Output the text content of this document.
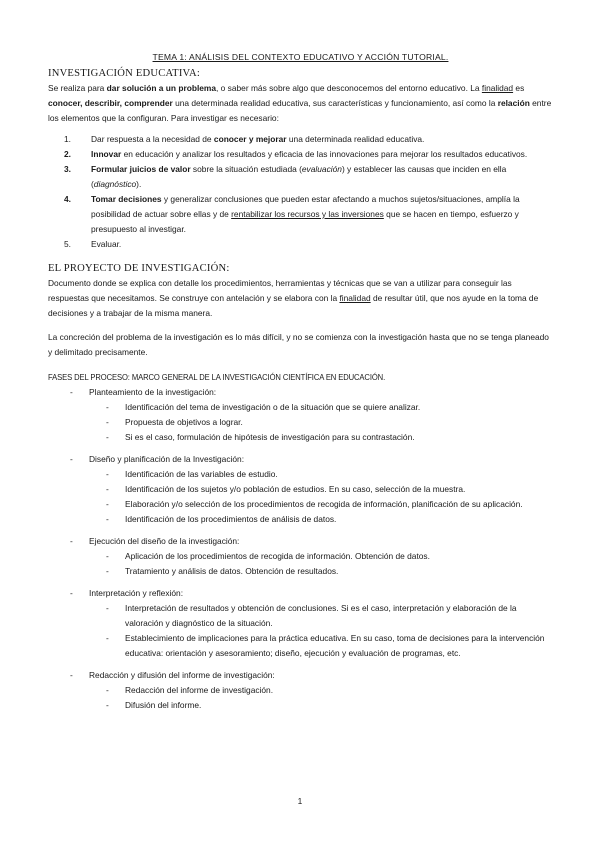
TEMA 1: ANÁLISIS DEL CONTEXTO EDUCATIVO Y ACCIÓN TUTORIAL.
INVESTIGACIÓN EDUCATIVA:

Se realiza para dar solución a un problema, o saber más sobre algo que desconocemos del entorno educativo. La finalidad es conocer, describir, comprender una determinada realidad educativa, sus características y funcionamiento, así como la relación entre los elementos que la configuran. Para investigar es necesario:

1. Dar respuesta a la necesidad de conocer y mejorar una determinada realidad educativa.
2. Innovar en educación y analizar los resultados y eficacia de las innovaciones para mejorar los resultados educativos.
3. Formular juicios de valor sobre la situación estudiada (evaluación) y establecer las causas que inciden en ella (diagnóstico).
4. Tomar decisiones y generalizar conclusiones que pueden estar afectando a muchos sujetos/situaciones, amplía la posibilidad de actuar sobre ellas y de rentabilizar los recursos y las inversiones que se hacen en tiempo, esfuerzo y presupuesto al investigar.
5. Evaluar.
EL PROYECTO DE INVESTIGACIÓN:

Documento donde se explica con detalle los procedimientos, herramientas y técnicas que se van a utilizar para conseguir las respuestas que necesitamos. Se construye con antelación y se elabora con la finalidad de resultar útil, que nos ayude en la toma de decisiones y a trabajar de la misma manera.

La concreción del problema de la investigación es lo más difícil, y no se comienza con la investigación hasta que no se tenga planeado y delimitado precisamente.

FASES DEL PROCESO: MARCO GENERAL DE LA INVESTIGACIÓN CIENTÍFICA EN EDUCACIÓN.
- Planteamiento de la investigación:
- Identificación del tema de investigación o de la situación que se quiere analizar.
- Propuesta de objetivos a lograr.
- Si es el caso, formulación de hipótesis de investigación para su contrastación.
- Diseño y planificación de la Investigación:
- Identificación de las variables de estudio.
- Identificación de los sujetos y/o población de estudios. En su caso, selección de la muestra.
- Elaboración y/o selección de los procedimientos de recogida de información, planificación de su aplicación.
- Identificación de los procedimientos de análisis de datos.
- Ejecución del diseño de la investigación:
- Aplicación de los procedimientos de recogida de información. Obtención de datos.
- Tratamiento y análisis de datos. Obtención de resultados.
- Interpretación y reflexión:
- Interpretación de resultados y obtención de conclusiones. Si es el caso, interpretación y elaboración de la valoración y diagnóstico de la situación.
- Establecimiento de implicaciones para la práctica educativa. En su caso, toma de decisiones para la intervención educativa: orientación y asesoramiento; diseño, ejecución y evaluación de programas, etc.
- Redacción y difusión del informe de investigación:
- Redacción del informe de investigación.
- Difusión del informe.
1
